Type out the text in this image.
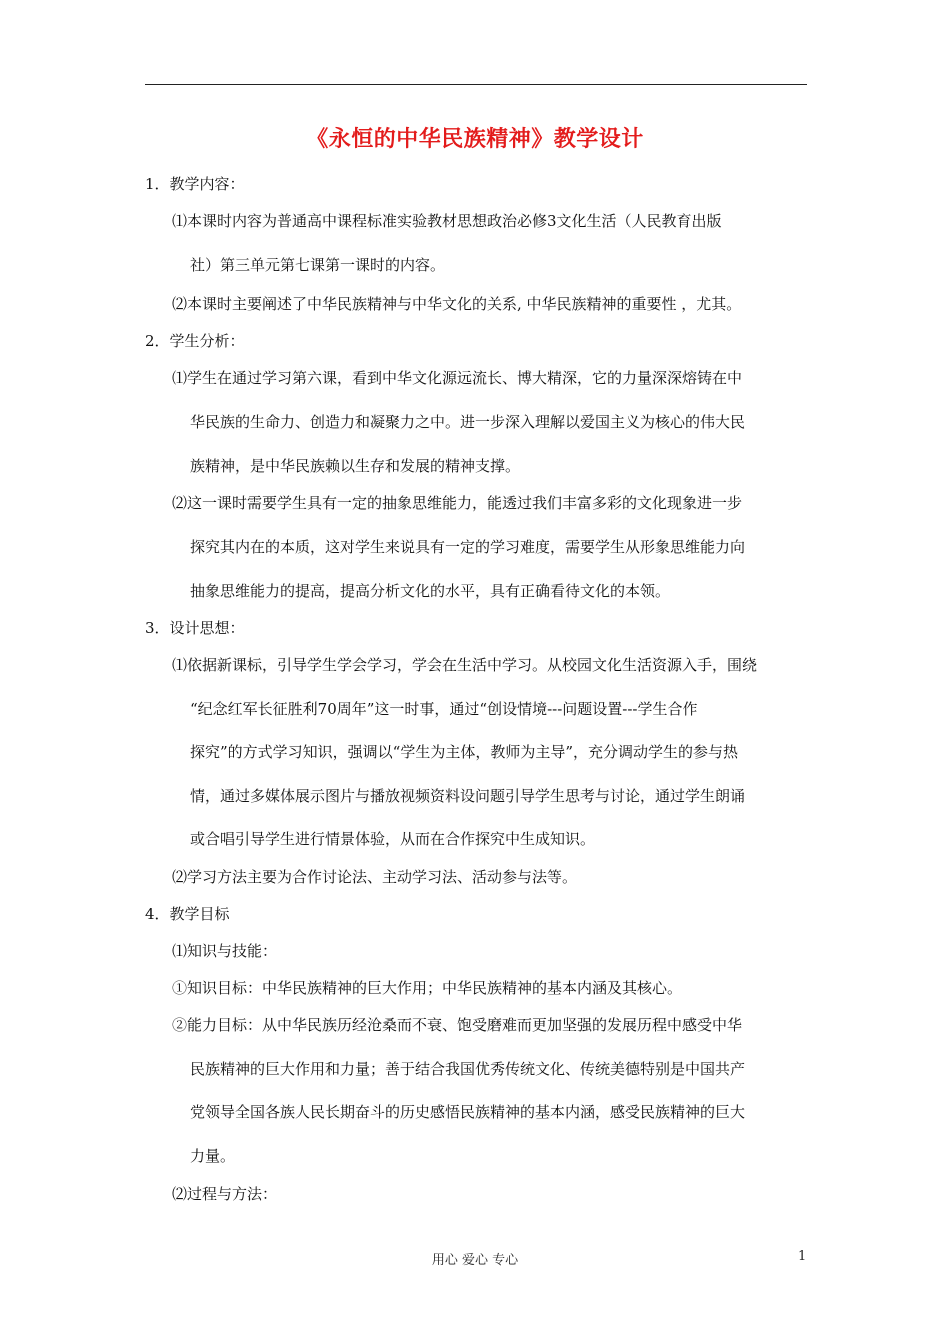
《永恒的中华民族精神》教学设计
1．教学内容：
⑴本课时内容为普通高中课程标准实验教材思想政治必修3文化生活（人民教育出版
社）第三单元第七课第一课时的内容。
⑵本课时主要阐述了中华民族精神与中华文化的关系, 中华民族精神的重要性 ，尤其。
2．学生分析：
⑴学生在通过学习第六课，看到中华文化源远流长、博大精深，它的力量深深熔铸在中
华民族的生命力、创造力和凝聚力之中。进一步深入理解以爱国主义为核心的伟大民
族精神，是中华民族赖以生存和发展的精神支撑。
⑵这一课时需要学生具有一定的抽象思维能力，能透过我们丰富多彩的文化现象进一步
探究其内在的本质，这对学生来说具有一定的学习难度，需要学生从形象思维能力向
抽象思维能力的提高，提高分析文化的水平，具有正确看待文化的本领。
3．设计思想：
⑴依据新课标，引导学生学会学习，学会在生活中学习。从校园文化生活资源入手，围绕
“纪念红军长征胜利70周年”这一时事，通过“创设情境---问题设置---学生合作
探究”的方式学习知识，强调以“学生为主体，教师为主导”，充分调动学生的参与热
情，通过多媒体展示图片与播放视频资料设问题引导学生思考与讨论，通过学生朗诵
或合唱引导学生进行情景体验，从而在合作探究中生成知识。
⑵学习方法主要为合作讨论法、主动学习法、活动参与法等。
4．教学目标
⑴知识与技能：
①知识目标：中华民族精神的巨大作用；中华民族精神的基本内涵及其核心。
②能力目标：从中华民族历经沧桑而不衰、饱受磨难而更加坚强的发展历程中感受中华
民族精神的巨大作用和力量；善于结合我国优秀传统文化、传统美德特别是中国共产
党领导全国各族人民长期奋斗的历史感悟民族精神的基本内涵，感受民族精神的巨大
力量。
⑵过程与方法：
用心 爱心 专心	1
